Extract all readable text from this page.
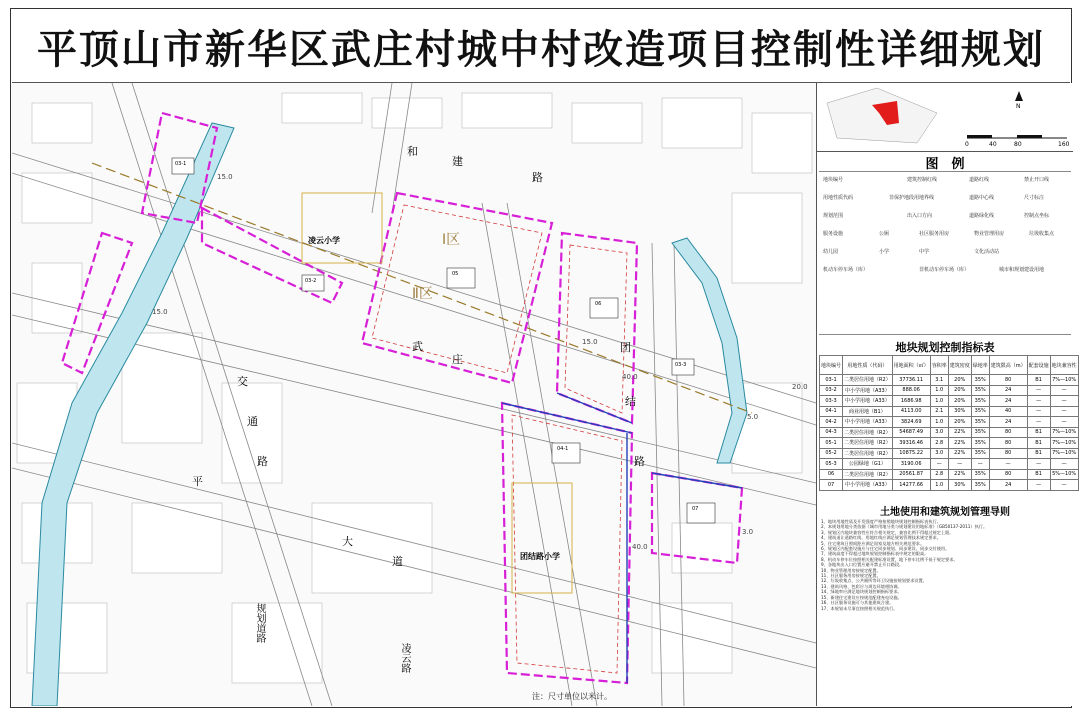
平顶山市新华区武庄村城中村改造项目控制性详细规划
和
建
路
平
大
道
交
通
路
武
庄
团
结
路
规划道路
凌云路
凌云小学
团结路小学
Ⅰ区
Ⅱ区
05
06
04-1
07
03-1
03-2
03-3
15.0
15.0
20.0
40.0
40.0
15.0
5.0
3.0
0	40	80	160
N
图　例
地块编号	建筑控制红线	道路红线	禁止开口线
用地性质代码	非保护地段用地界线	道路中心线	尺寸标注
规划范围	出入口方向	道路绿化线	控制点坐标
服务设施	公厕	社区服务用房	物业管理用房	垃圾收集点
幼儿园	小学	中学	文化活动站
机动车停车场（库）	非机动车停车场（库）	城市和规划建设用地
地块规划控制指标表
地块编号	用地性质（代码）	用地面积（㎡）	容积率	建筑密度	绿地率	建筑限高（m）	配套设施	地块兼容性
03-1	二类居住用地（R2）	37736.11	3.1	20%	35%	80	B1	7%—10%
03-2	中小学用地（A33）	888.06	1.0	20%	35%	24	—	—
03-3	中小学用地（A33）	1686.98	1.0	20%	35%	24	—	—
04-1	商业用地（B1）	4113.00	2.1	30%	35%	40	—	—
04-2	中小学用地（A33）	3824.69	1.0	20%	35%	24	—	—
04-3	二类居住用地（R2）	54687.49	3.0	22%	35%	80	B1	7%—10%
05-1	二类居住用地（R2）	39316.46	2.8	22%	35%	80	B1	7%—10%
05-2	二类居住用地（R2）	10875.22	3.0	22%	35%	80	B1	7%—10%
05-3	公园绿地（G1）	3190.06	—	—	—	—	—	—
06	二类居住用地（R2）	20561.87	2.8	22%	35%	80	B1	5%—10%
07	中小学用地（A33）	14277.66	1.0	30%	35%	24	—	—
土地使用和建筑规划管理导则

1、地块用地性质及开发强度严格按照地块规划控制指标表执行。

2、本规划用地分类依据《城市用地分类与规划建设用地标准》（GB50137-2011）执行。

3、规划区内地块兼容性应符合相关规定，兼容比例不得超过规定上限。

4、建筑退让道路红线、用地红线应满足规划管理技术规定要求。

5、住宅建筑日照间距应满足国家及地方相关规范要求。

6、规划区内配套设施应与住宅同步规划、同步建设、同步交付使用。

7、建筑高度不得超过地块规划控制指标表中规定的限高。

8、机动车停车位按照相关配建标准设置，地下停车比例不低于规定要求。

9、各地块出入口位置应避开禁止开口路段。

10、物业管理用房按规定配置。

11、社区服务用房按规定配置。

12、垃圾收集点、公共厕所等环卫设施按规划要求设置。

13、建筑风格、色彩应与周边环境相协调。

14、绿地率应满足地块规划控制指标要求。

15、新建住宅建设应按规范配建充电设施。

16、社区服务设施可与其他建筑合建。

17、本规划未尽事宜按照相关规范执行。

注：尺寸单位以米计。
